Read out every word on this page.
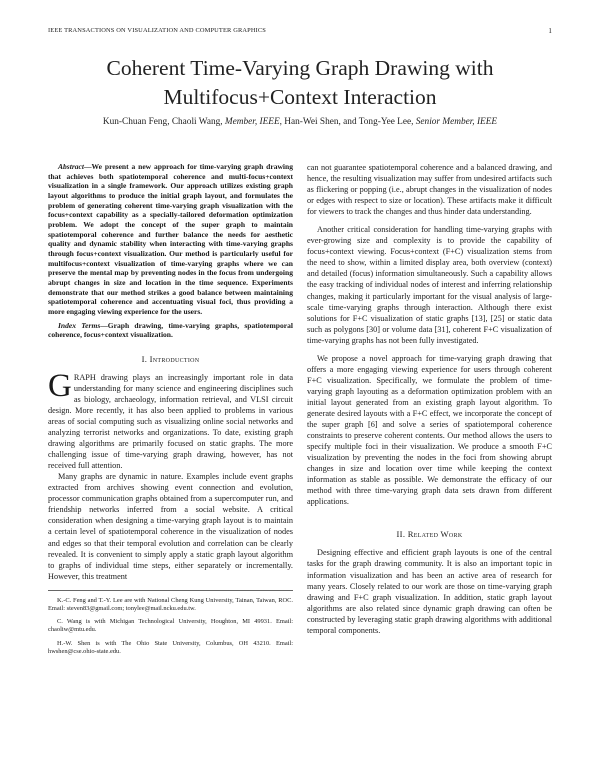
IEEE TRANSACTIONS ON VISUALIZATION AND COMPUTER GRAPHICS	1
Coherent Time-Varying Graph Drawing with
Multifocus+Context Interaction
Kun-Chuan Feng, Chaoli Wang, Member, IEEE, Han-Wei Shen, and Tong-Yee Lee, Senior Member, IEEE

Abstract—We present a new approach for time-varying graph drawing that achieves both spatiotemporal coherence and multi-focus+context visualization in a single framework. Our approach utilizes existing graph layout algorithms to produce the initial graph layout, and formulates the problem of generating coherent time-varying graph visualization with the focus+context capability as a specially-tailored deformation optimization problem. We adopt the concept of the super graph to maintain spatiotemporal coherence and further balance the needs for aesthetic quality and dynamic stability when interacting with time-varying graphs through focus+context visualization. Our method is particularly useful for multifocus+context visualization of time-varying graphs where we can preserve the mental map by preventing nodes in the focus from undergoing abrupt changes in size and location in the time sequence. Experiments demonstrate that our method strikes a good balance between maintaining spatiotemporal coherence and accentuating visual foci, thus providing a more engaging viewing experience for the users.

Index Terms—Graph drawing, time-varying graphs, spatiotemporal coherence, focus+context visualization.

I. Introduction

GRAPH drawing plays an increasingly important role in data understanding for many science and engineering disciplines such as biology, archaeology, information retrieval, and VLSI circuit design. More recently, it has also been applied to problems in various areas of social computing such as visualizing online social networks and analyzing terrorist networks and organizations. To date, existing graph drawing algorithms are primarily focused on static graphs. The more challenging issue of time-varying graph drawing, however, has not received full attention.

Many graphs are dynamic in nature. Examples include event graphs extracted from archives showing event connection and evolution, processor communication graphs obtained from a supercomputer run, and friendship networks inferred from a social website. A critical consideration when designing a time-varying graph layout is to maintain a certain level of spatiotemporal coherence in the visualization of nodes and edges so that their temporal evolution and correlation can be clearly revealed. It is convenient to simply apply a static graph layout algorithm to graphs of individual time steps, either separately or incrementally. However, this treatment

K.-C. Feng and T.-Y. Lee are with National Cheng Kung University, Tainan, Taiwan, ROC. Email: steven83@gmail.com; tonylee@mail.ncku.edu.tw.

C. Wang is with Michigan Technological University, Houghton, MI 49931. Email: chaoliw@mtu.edu.

H.-W. Shen is with The Ohio State University, Columbus, OH 43210. Email: hwshen@cse.ohio-state.edu.

can not guarantee spatiotemporal coherence and a balanced drawing, and hence, the resulting visualization may suffer from undesired artifacts such as flickering or popping (i.e., abrupt changes in the visualization of nodes or edges with respect to size or location). These artifacts make it difficult for viewers to track the changes and thus hinder data understanding.

Another critical consideration for handling time-varying graphs with ever-growing size and complexity is to provide the capability of focus+context viewing. Focus+context (F+C) visualization stems from the need to show, within a limited display area, both overview (context) and detailed (focus) information simultaneously. Such a capability allows the easy tracking of individual nodes of interest and inferring relationship changes, making it particularly important for the visual analysis of large-scale time-varying graphs through interaction. Although there exist solutions for F+C visualization of static graphs [13], [25] or static data such as polygons [30] or volume data [31], coherent F+C visualization of time-varying graphs has not been fully investigated.

We propose a novel approach for time-varying graph drawing that offers a more engaging viewing experience for users through coherent F+C visualization. Specifically, we formulate the problem of time-varying graph layouting as a deformation optimization problem with an initial layout generated from an existing graph layout algorithm. To generate desired layouts with a F+C effect, we incorporate the concept of the super graph [6] and solve a series of spatiotemporal coherence constraints to preserve coherent contents. Our method allows the users to specify multiple foci in their visualization. We produce a smooth F+C visualization by preventing the nodes in the foci from showing abrupt changes in size and location over time while keeping the context information as stable as possible. We demonstrate the efficacy of our method with three time-varying graph data sets drawn from different applications.

II. Related Work

Designing effective and efficient graph layouts is one of the central tasks for the graph drawing community. It is also an important topic in information visualization and has been an active area of research for many years. Closely related to our work are those on time-varying graph drawing and F+C graph visualization. In addition, static graph layout algorithms are also related since dynamic graph drawing can often be constructed by leveraging static graph drawing algorithms with additional temporal components.
